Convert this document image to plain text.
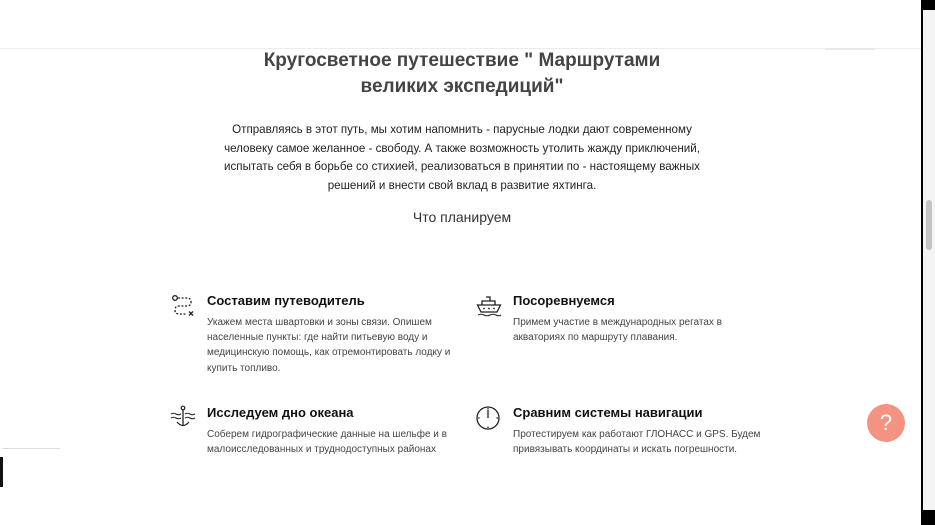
Кругосветное путешествие " Маршрутами великих экспедиций"
Отправляясь в этот путь, мы хотим напомнить - парусные лодки дают современному человеку самое желанное - свободу. А также возможность утолить жажду приключений, испытать себя в борьбе со стихией, реализоваться в принятии по - настоящему важных решений и внести свой вклад в развитие яхтинга.
Что планируем
Составим путеводитель
Укажем места швартовки и зоны связи. Опишем населенные пункты: где найти питьевую воду и медицинскую помощь, как отремонтировать лодку и купить топливо.
Посоревнуемся
Примем участие в международных регатах в акваториях по маршруту плавания.
Исследуем дно океана
Соберем гидрографические данные на шельфе и в малоисследованных и труднодоступных районах
Сравним системы навигации
Протестируем как работают ГЛОНАСС и GPS. Будем привязывать координаты и искать погрешности.
?
